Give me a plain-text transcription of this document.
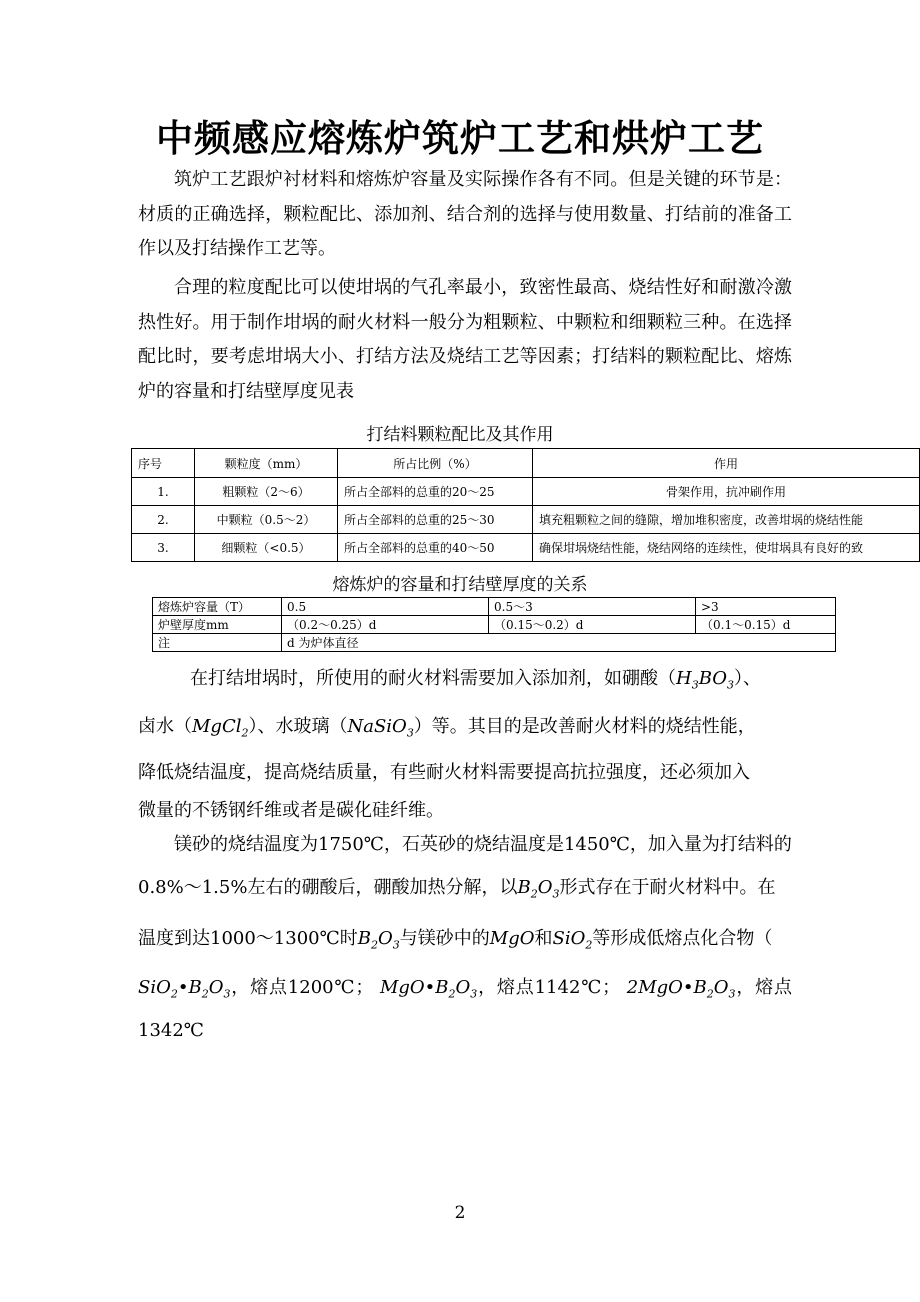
中频感应熔炼炉筑炉工艺和烘炉工艺

筑炉工艺跟炉衬材料和熔炼炉容量及实际操作各有不同。但是关键的环节是：材质的正确选择，颗粒配比、添加剂、结合剂的选择与使用数量、打结前的准备工作以及打结操作工艺等。

合理的粒度配比可以使坩埚的气孔率最小，致密性最高、烧结性好和耐激冷激热性好。用于制作坩埚的耐火材料一般分为粗颗粒、中颗粒和细颗粒三种。在选择配比时，要考虑坩埚大小、打结方法及烧结工艺等因素；打结料的颗粒配比、熔炼炉的容量和打结壁厚度见表

打结料颗粒配比及其作用

序号	颗粒度（mm）	所占比例（%）	作用
1.	粗颗粒（2～6）	所占全部料的总重的20～25	骨架作用，抗冲刷作用
2.	中颗粒（0.5～2）	所占全部料的总重的25～30	填充粗颗粒之间的缝隙，增加堆积密度，改善坩埚的烧结性能
3.	细颗粒（<0.5）	所占全部料的总重的40～50	确保坩埚烧结性能，烧结网络的连续性，使坩埚具有良好的致

熔炼炉的容量和打结壁厚度的关系

熔炼炉容量（T）	0.5	0.5～3	>3
炉壁厚度mm	（0.2～0.25）d	（0.15～0.2）d	（0.1～0.15）d
注	d 为炉体直径		
在打结坩埚时，所使用的耐火材料需要加入添加剂，如硼酸$(H_3BO_3)$、
卤水（MgCl$_2$）、水玻璃（NaSiO$_3$）等。其目的是改善耐火材料的烧结性能，
降低烧结温度，提高烧结质量，有些耐火材料需要提高抗拉强度，还必须加入
微量的不锈钢纤维或者是碳化硅纤维。
镁砂的烧结温度为1750℃，石英砂的烧结温度是1450℃，加入量为打结料的
0.8%～1.5%左右的硼酸后，硼酸加热分解，以$B_2O_3$形式存在于耐火材料中。在
温度到达1000～1300℃时$B_2O_3$与镁砂中的MgO和SiO$_2$等形成低熔点化合物（
$SiO_2•B_2O_3$，熔点1200℃； $MgO•B_2O_3$，熔点1142℃； $2MgO•B_2O_3$，熔点1342℃

2
